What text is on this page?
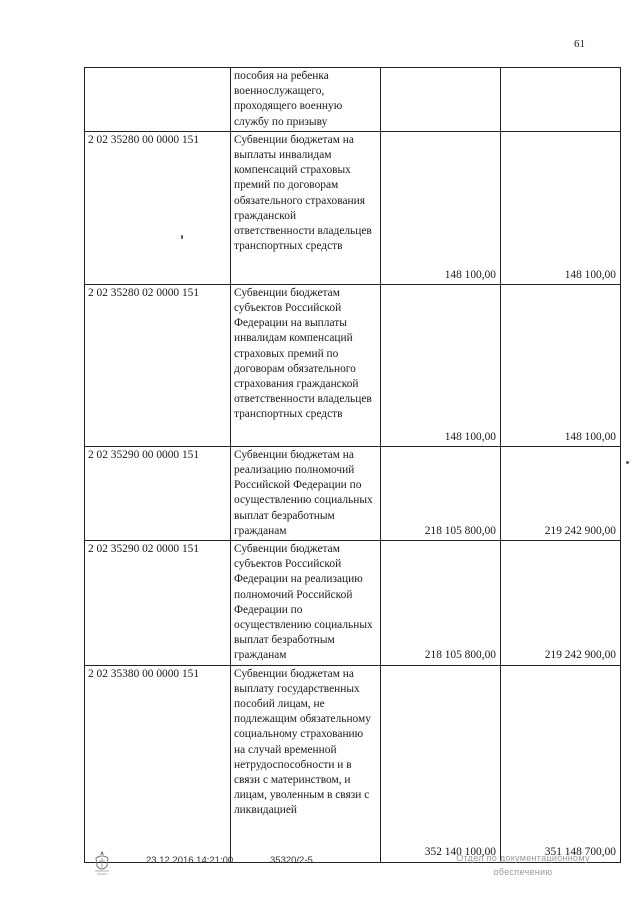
61
	пособия на ребенка военнослужащего, проходящего военную службу по призыву		
2 02 35280 00 0000 151	Субвенции бюджетам на выплаты инвалидам компенсаций страховых премий по договорам обязательного страхования гражданской ответственности владельцев транспортных средств	148 100,00	148 100,00
2 02 35280 02 0000 151	Субвенции бюджетам субъектов Российской Федерации на выплаты инвалидам компенсаций страховых премий по договорам обязательного страхования гражданской ответственности владельцев транспортных средств	148 100,00	148 100,00
2 02 35290 00 0000 151	Субвенции бюджетам на реализацию полномочий Российской Федерации по осуществлению социальных выплат безработным гражданам	218 105 800,00	219 242 900,00
2 02 35290 02 0000 151	Субвенции бюджетам субъектов Российской Федерации на реализацию полномочий Российской Федерации по осуществлению социальных выплат безработным гражданам	218 105 800,00	219 242 900,00
2 02 35380 00 0000 151	Субвенции бюджетам на выплату государственных пособий лицам, не подлежащим обязательному социальному страхованию на случай временной нетрудоспособности и в связи с материнством, и лицам, уволенным в связи с ликвидацией	352 140 100,00	351 148 700,00
23.12.2016 14:21:00	35320/2-5	Отдел по документационному
обеспечению
